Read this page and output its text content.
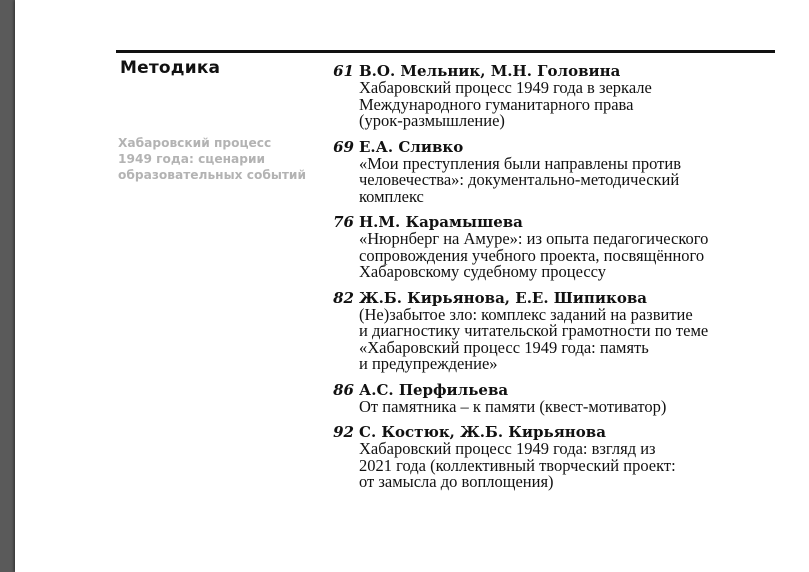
Методика
Хабаровский процесс
1949 года: сценарии
образовательных событий
61 В.О. Мельник, М.Н. Головина
Хабаровский процесс 1949 года в зеркале
Международного гуманитарного права
(урок-размышление)
69 Е.А. Сливко
«Мои преступления были направлены против
человечества»: документально-методический
комплекс
76 Н.М. Карамышева
«Нюрнберг на Амуре»: из опыта педагогического
сопровождения учебного проекта, посвящённого
Хабаровскому судебному процессу
82 Ж.Б. Кирьянова, Е.Е. Шипикова
(Не)забытое зло: комплекс заданий на развитие
и диагностику читательской грамотности по теме
«Хабаровский процесс 1949 года: память
и предупреждение»
86 А.С. Перфильева
От памятника – к памяти (квест-мотиватор)
92 С. Костюк, Ж.Б. Кирьянова
Хабаровский процесс 1949 года: взгляд из
2021 года (коллективный творческий проект:
от замысла до воплощения)
